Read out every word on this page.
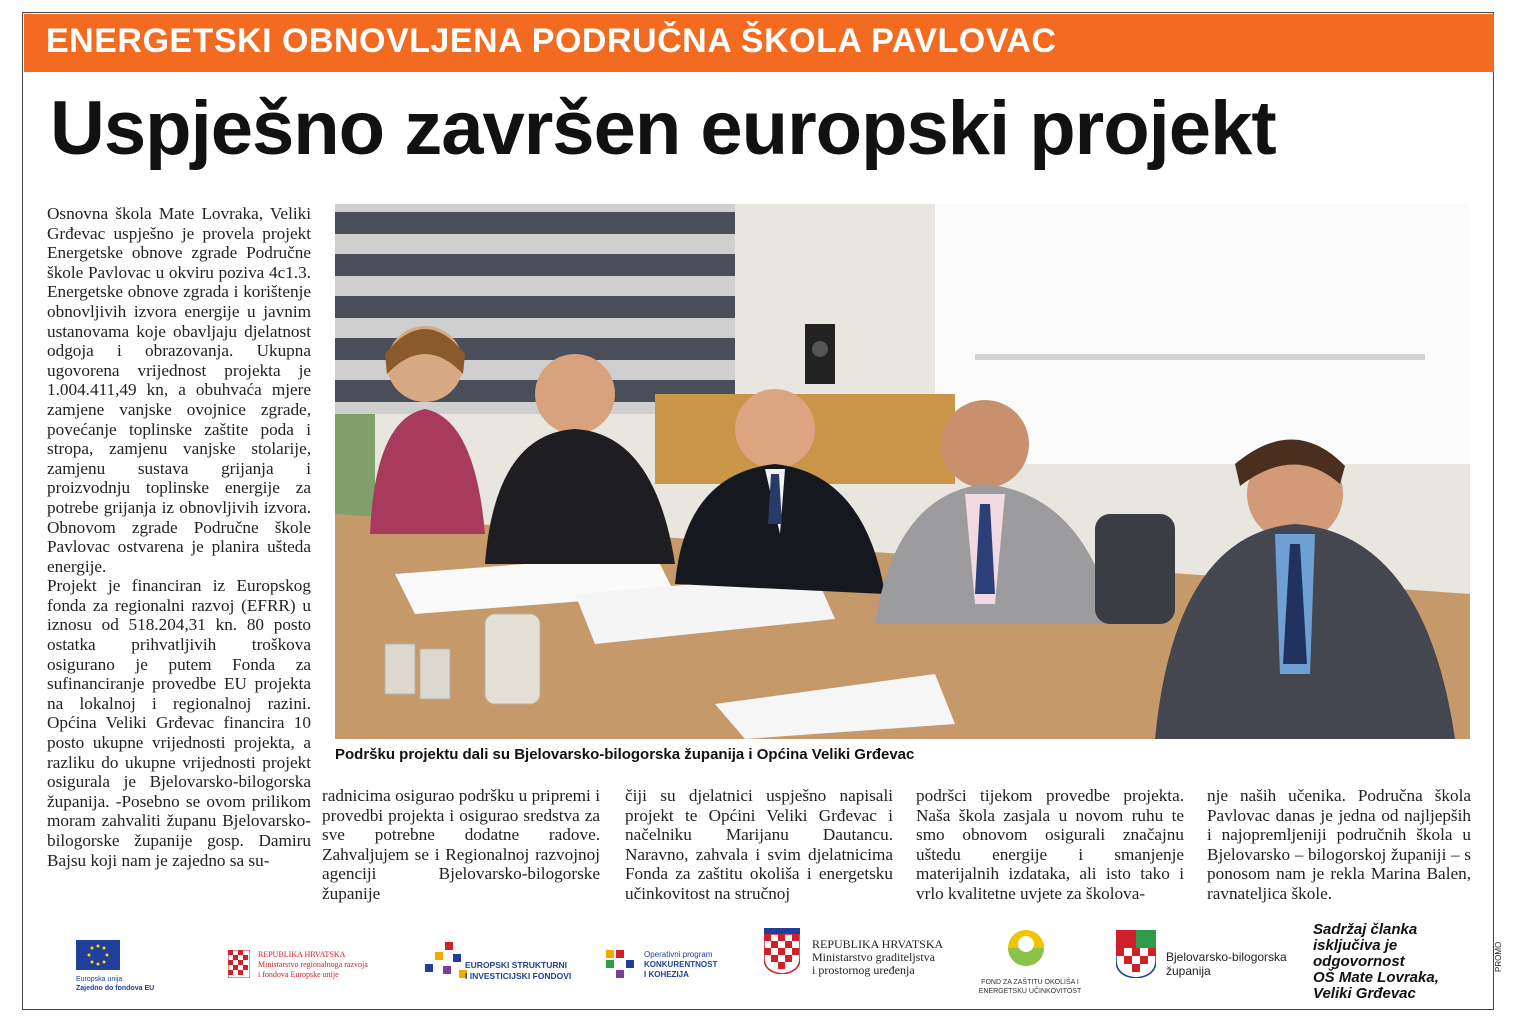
ENERGETSKI OBNOVLJENA PODRUČNA ŠKOLA PAVLOVAC
Uspješno završen europski projekt

Osnovna škola Mate Lovraka, Veliki Grđevac uspješno je provela projekt Energetske obnove zgrade Područne škole Pavlovac u okviru poziva 4c1.3. Energetske obnove zgrada i korištenje obnovljivih izvora energije u javnim ustanovama koje obavljaju djelatnost odgoja i obrazovanja. Ukupna ugovorena vrijednost projekta je 1.004.411,49 kn, a obuhvaća mjere zamjene vanjske ovojnice zgrade, povećanje toplinske zaštite poda i stropa, zamjenu vanjske stolarije, zamjenu sustava grijanja i proizvodnju toplinske energije za potrebe grijanja iz obnovljivih izvora. Obnovom zgrade Područne škole Pavlovac ostvarena je planira ušteda energije.

Projekt je financiran iz Europskog fonda za regionalni razvoj (EFRR) u iznosu od 518.204,31 kn. 80 posto ostatka prihvatljivih troškova osigurano je putem Fonda za sufinanciranje provedbe EU projekta na lokalnoj i regionalnoj razini. Općina Veliki Grđevac financira 10 posto ukupne vrijednosti projekta, a razliku do ukupne vrijednosti projekt osigurala je Bjelovarsko-bilogorska županija. -Posebno se ovom prilikom moram zahvaliti županu Bjelovarsko-bilogorske županije gosp. Damiru Bajsu koji nam je zajedno sa su-

Podršku projektu dali su Bjelovarsko-bilogorska županija i Općina Veliki Grđevac
radnicima osigurao podršku u pripremi i provedbi projekta i osigurao sredstva za sve potrebne dodatne radove. Zahvaljujem se i Regionalnoj razvojnoj agenciji Bjelovarsko-bilogorske županije
čiji su djelatnici uspješno napisali projekt te Općini Veliki Grđevac i načelniku Marijanu Dautancu. Naravno, zahvala i svim djelatnicima Fonda za zaštitu okoliša i energetsku učinkovitost na stručnoj
podršci tijekom provedbe projekta. Naša škola zasjala u novom ruhu te smo obnovom osigurali značajnu uštedu energije i smanjenje materijalnih izdataka, ali isto tako i vrlo kvalitetne uvjete za školova-
nje naših učenika. Područna škola Pavlovac danas je jedna od najljepših i najopremljeniji područnih škola u Bjelovarsko – bilogorskoj županiji – s ponosom nam je rekla Marina Balen, ravnateljica škole.
Europska unija
Zajedno do fondova EU
REPUBLIKA HRVATSKA
Ministarstvo regionalnoga razvoja
i fondova Europske unije
EUROPSKI STRUKTURNI
I INVESTICIJSKI FONDOVI
Operativni program
KONKURENTNOST
I KOHEZIJA
REPUBLIKA HRVATSKA
Ministarstvo graditeljstva
i prostornog uređenja
FOND ZA ZAŠTITU OKOLIŠA I
ENERGETSKU UČINKOVITOST
Bjelovarsko-bilogorska
županija
Sadržaj članka
isključiva je
odgovornost
OŠ Mate Lovraka,
Veliki Grđevac
PROMO
